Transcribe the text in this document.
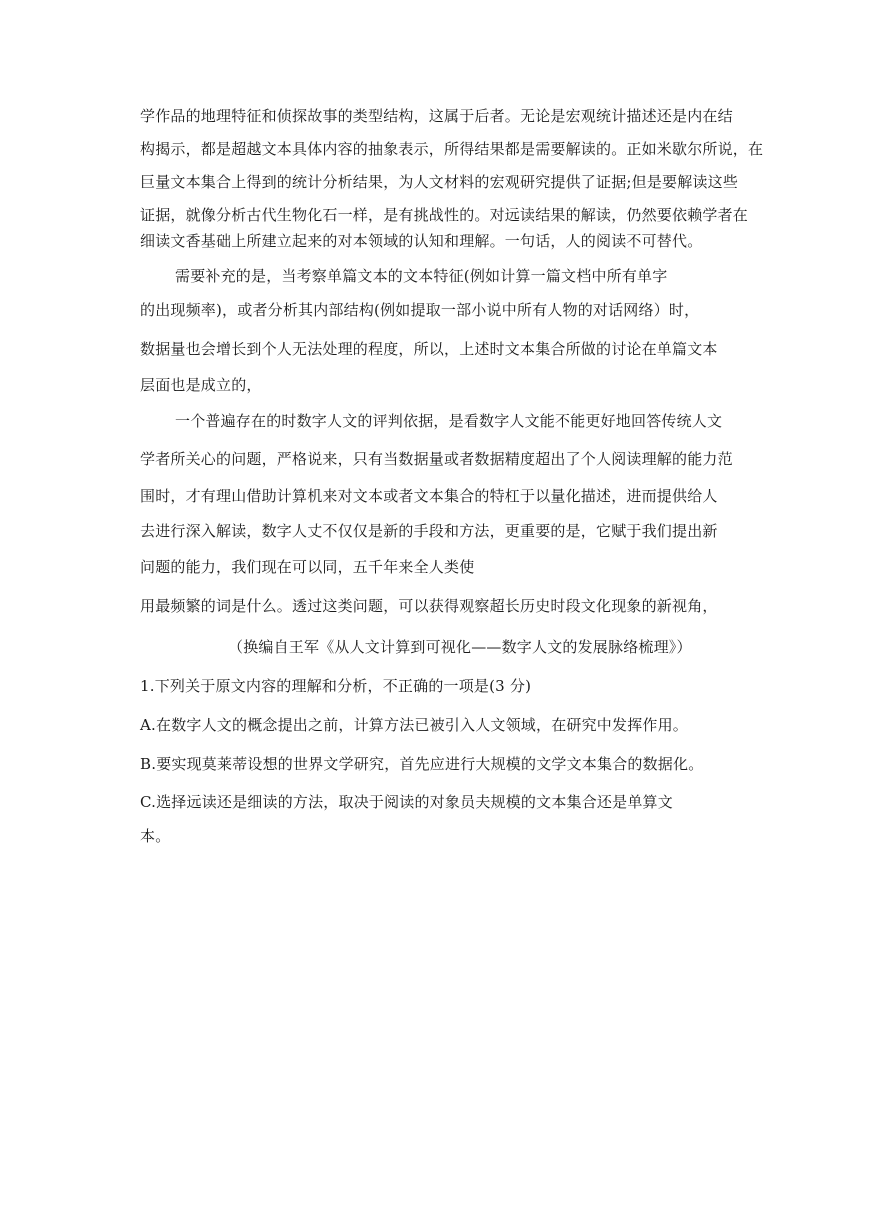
学作品的地理特征和侦探故事的类型结构，这属于后者。无论是宏观统计描述还是内在结
构揭示，都是超越文本具体内容的抽象表示，所得结果都是需要解读的。正如米歇尔所说，在
巨量文本集合上得到的统计分析结果，为人文材料的宏观研究提供了证据;但是要解读这些
证据，就像分析古代生物化石一样，是有挑战性的。对远读结果的解读，仍然要依赖学者在
细读文香基础上所建立起来的对本领域的认知和理解。一句话，人的阅读不可替代。
需要补充的是，当考察单篇文本的文本特征(例如计算一篇文档中所有单字
的出现频率)，或者分析其内部结构(例如提取一部小说中所有人物的对话网络）时，
数据量也会增长到个人无法处理的程度，所以，上述时文本集合所做的讨论在单篇文本
层面也是成立的，
一个普遍存在的时数字人文的评判依据，是看数字人文能不能更好地回答传统人文
学者所关心的问题，严格说来，只有当数据量或者数据精度超出了个人阅读理解的能力范
围时，才有理山借助计算机来对文本或者文本集合的特杠于以量化描述，进而提供给人
去进行深入解读，数字人丈不仅仅是新的手段和方法，更重要的是，它赋于我们提出新
问题的能力，我们现在可以同，五千年来全人类使
用最频繁的词是什么。透过这类问题，可以获得观察超长历史时段文化现象的新视角，
（换编自王军《从人文计算到可视化——数字人文的发展脉络梳理》）
1.下列关于原文内容的理解和分析，不正确的一项是(3 分)
A.在数字人文的概念提出之前，计算方法已被引入人文领域，在研究中发挥作用。
B.要实现莫莱蒂设想的世界文学研究，首先应进行大规模的文学文本集合的数据化。
C.选择远读还是细读的方法，取决于阅读的对象员夫规模的文本集合还是单算文
本。
